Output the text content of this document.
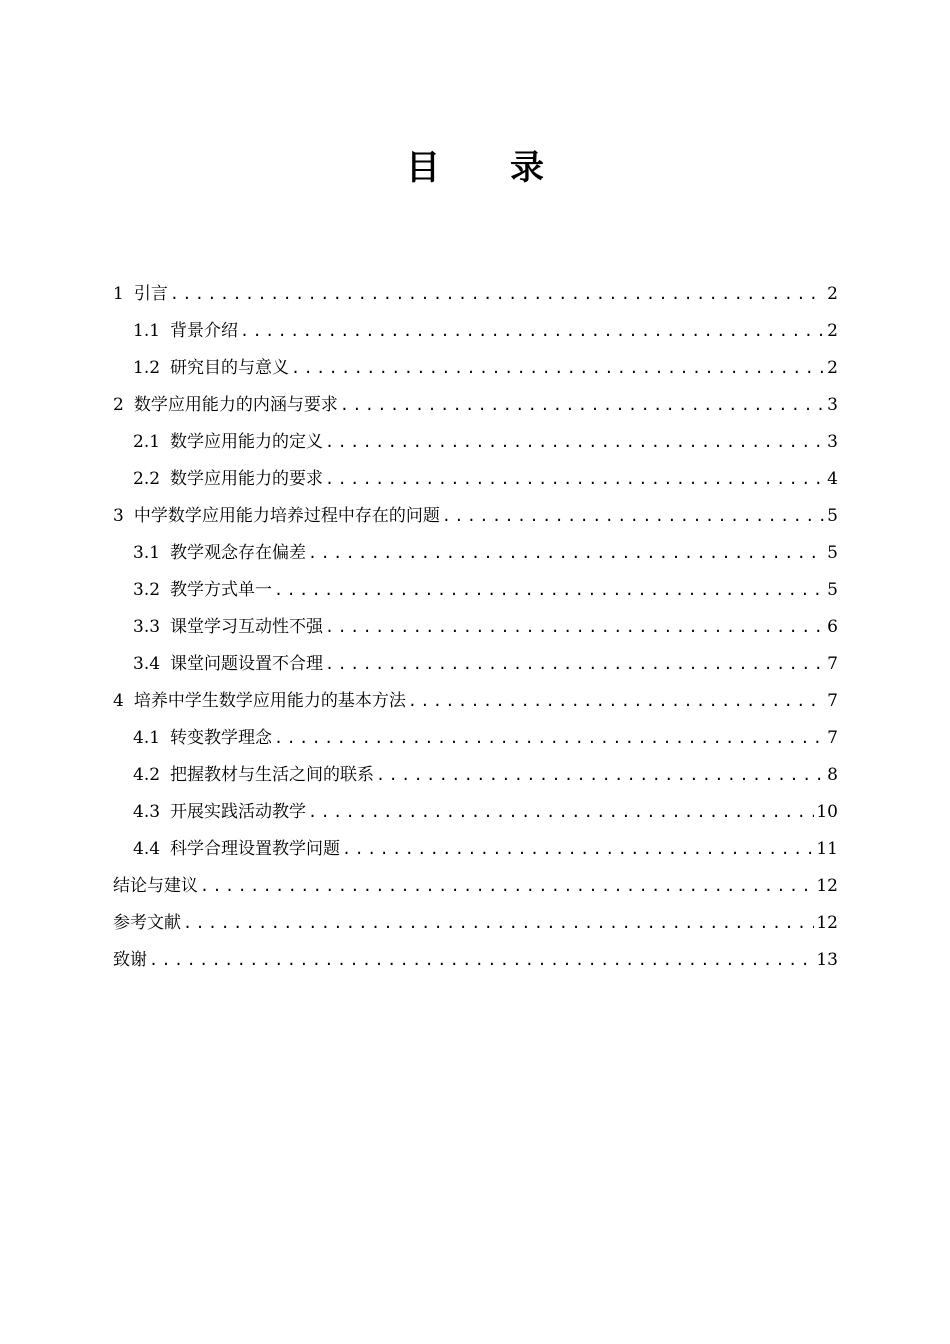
目 录
1 引言 .....	2
1.1 背景介绍 .....	2
1.2 研究目的与意义 .....	2
2 数学应用能力的内涵与要求 .....	3
2.1 数学应用能力的定义 .....	3
2.2 数学应用能力的要求 .....	4
3 中学数学应用能力培养过程中存在的问题 .....	5
3.1 教学观念存在偏差 .....	5
3.2 教学方式单一 .....	5
3.3 课堂学习互动性不强 .....	6
3.4 课堂问题设置不合理 .....	7
4 培养中学生数学应用能力的基本方法 .....	7
4.1 转变教学理念 .....	7
4.2 把握教材与生活之间的联系 .....	8
4.3 开展实践活动教学 .....	10
4.4 科学合理设置教学问题 .....	11
结论与建议 .....	12
参考文献 .....	12
致谢 .....	13
